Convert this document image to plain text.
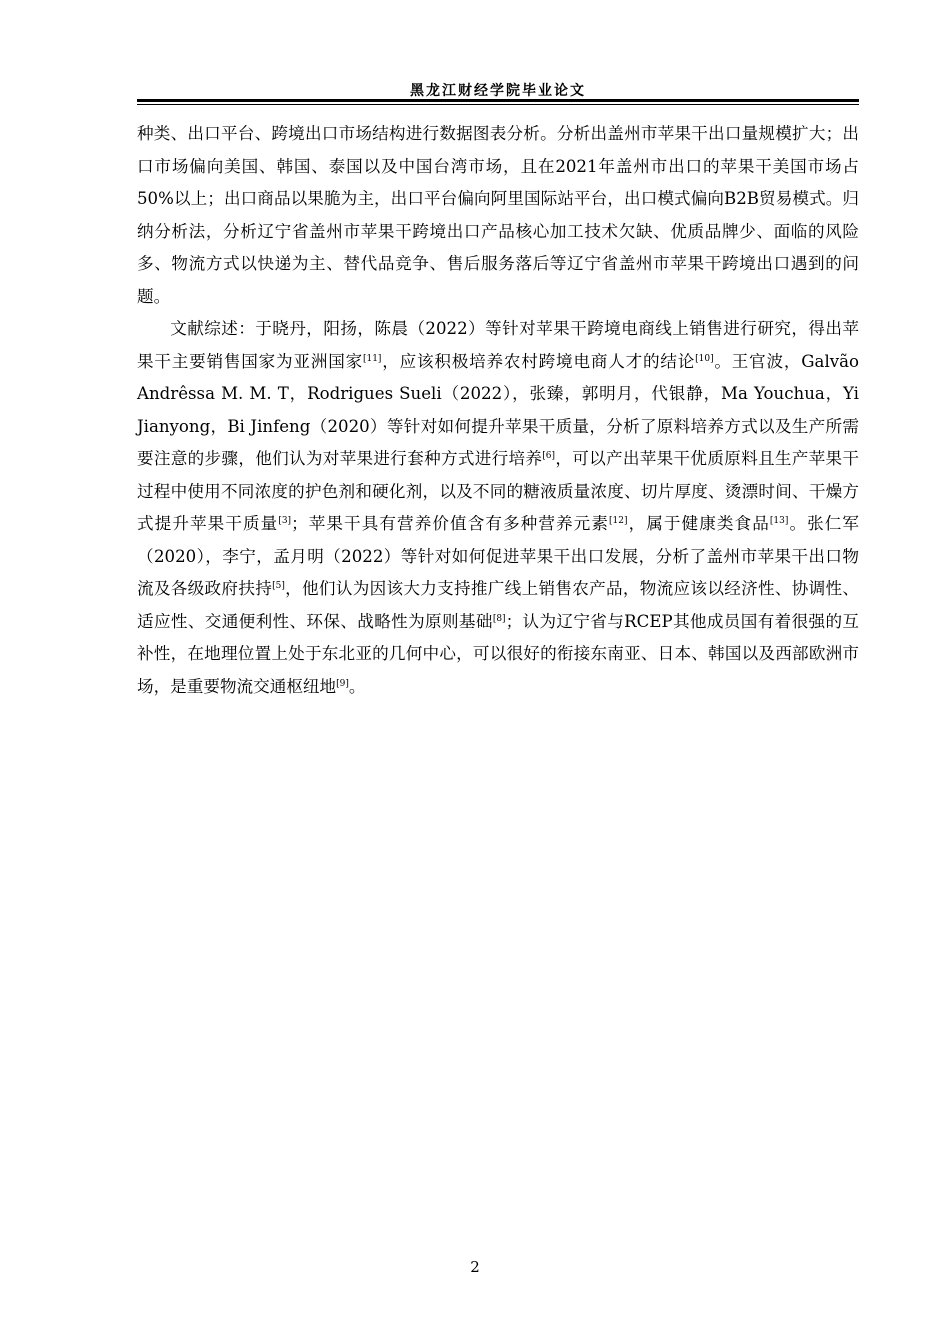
黑龙江财经学院毕业论文

种类、出口平台、跨境出口市场结构进行数据图表分析。分析出盖州市苹果干出口量规模扩大；出口市场偏向美国、韩国、泰国以及中国台湾市场，且在2021年盖州市出口的苹果干美国市场占50%以上；出口商品以果脆为主，出口平台偏向阿里国际站平台，出口模式偏向B2B贸易模式。归纳分析法，分析辽宁省盖州市苹果干跨境出口产品核心加工技术欠缺、优质品牌少、面临的风险多、物流方式以快递为主、替代品竞争、售后服务落后等辽宁省盖州市苹果干跨境出口遇到的问题。

文献综述：于晓丹，阳扬，陈晨（2022）等针对苹果干跨境电商线上销售进行研究，得出苹果干主要销售国家为亚洲国家[11]，应该积极培养农村跨境电商人才的结论[10]。王官波，Galvão Andrêssa M. M. T，Rodrigues Sueli（2022），张臻，郭明月，代银静，Ma Youchua，Yi Jianyong，Bi Jinfeng（2020）等针对如何提升苹果干质量，分析了原料培养方式以及生产所需要注意的步骤，他们认为对苹果进行套种方式进行培养[6]，可以产出苹果干优质原料且生产苹果干过程中使用不同浓度的护色剂和硬化剂，以及不同的糖液质量浓度、切片厚度、烫漂时间、干燥方式提升苹果干质量[3]；苹果干具有营养价值含有多种营养元素[12]，属于健康类食品[13]。张仁军（2020），李宁，孟月明（2022）等针对如何促进苹果干出口发展，分析了盖州市苹果干出口物流及各级政府扶持[5]，他们认为因该大力支持推广线上销售农产品，物流应该以经济性、协调性、适应性、交通便利性、环保、战略性为原则基础[8]；认为辽宁省与RCEP其他成员国有着很强的互补性，在地理位置上处于东北亚的几何中心，可以很好的衔接东南亚、日本、韩国以及西部欧洲市场，是重要物流交通枢纽地[9]。

2
